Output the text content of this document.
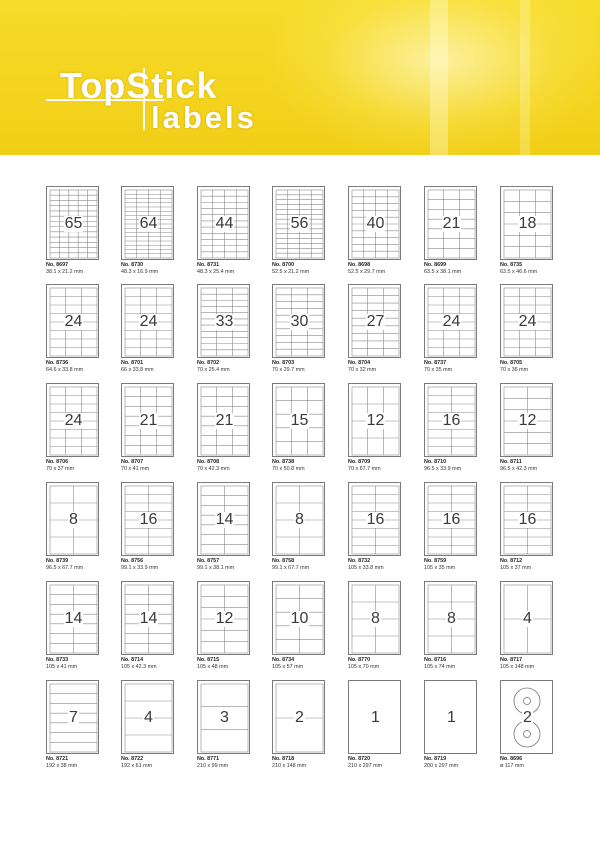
TopStick
labels
65
No. 8697
38.1 x 21.2 mm
64
No. 8730
48.3 x 16.9 mm
44
No. 8731
48.3 x 25.4 mm
56
No. 8700
52.5 x 21.2 mm
40
No. 8698
52.5 x 29.7 mm
21
No. 8699
63.5 x 38.1 mm
18
No. 8735
63.5 x 46.6 mm
24
No. 8736
64.6 x 33.8 mm
24
No. 8701
66 x 33.8 mm
33
No. 8702
70 x 25.4 mm
30
No. 8703
70 x 29.7 mm
27
No. 8704
70 x 32 mm
24
No. 8737
70 x 35 mm
24
No. 8705
70 x 36 mm
24
No. 8706
70 x 37 mm
21
No. 8707
70 x 41 mm
21
No. 8708
70 x 42.3 mm
15
No. 8738
70 x 50.8 mm
12
No. 8709
70 x 67.7 mm
16
No. 8710
96.5 x 33.9 mm
12
No. 8711
96.5 x 42.3 mm
8
No. 8739
96.5 x 67.7 mm
16
No. 8756
99.1 x 33.9 mm
14
No. 8757
99.1 x 38.1 mm
8
No. 8758
99.1 x 67.7 mm
16
No. 8732
105 x 33.8 mm
16
No. 8759
105 x 35 mm
16
No. 8712
105 x 37 mm
14
No. 8733
105 x 41 mm
14
No. 8714
105 x 42.3 mm
12
No. 8715
105 x 48 mm
10
No. 8734
105 x 57 mm
8
No. 8770
105 x 70 mm
8
No. 8716
105 x 74 mm
4
No. 8717
105 x 148 mm
7
No. 8721
192 x 38 mm
4
No. 8722
192 x 61 mm
3
No. 8771
210 x 99 mm
2
No. 8718
210 x 148 mm
1
No. 8720
210 x 297 mm
1
No. 8719
200 x 297 mm
2
No. 8696
ø 117 mm
